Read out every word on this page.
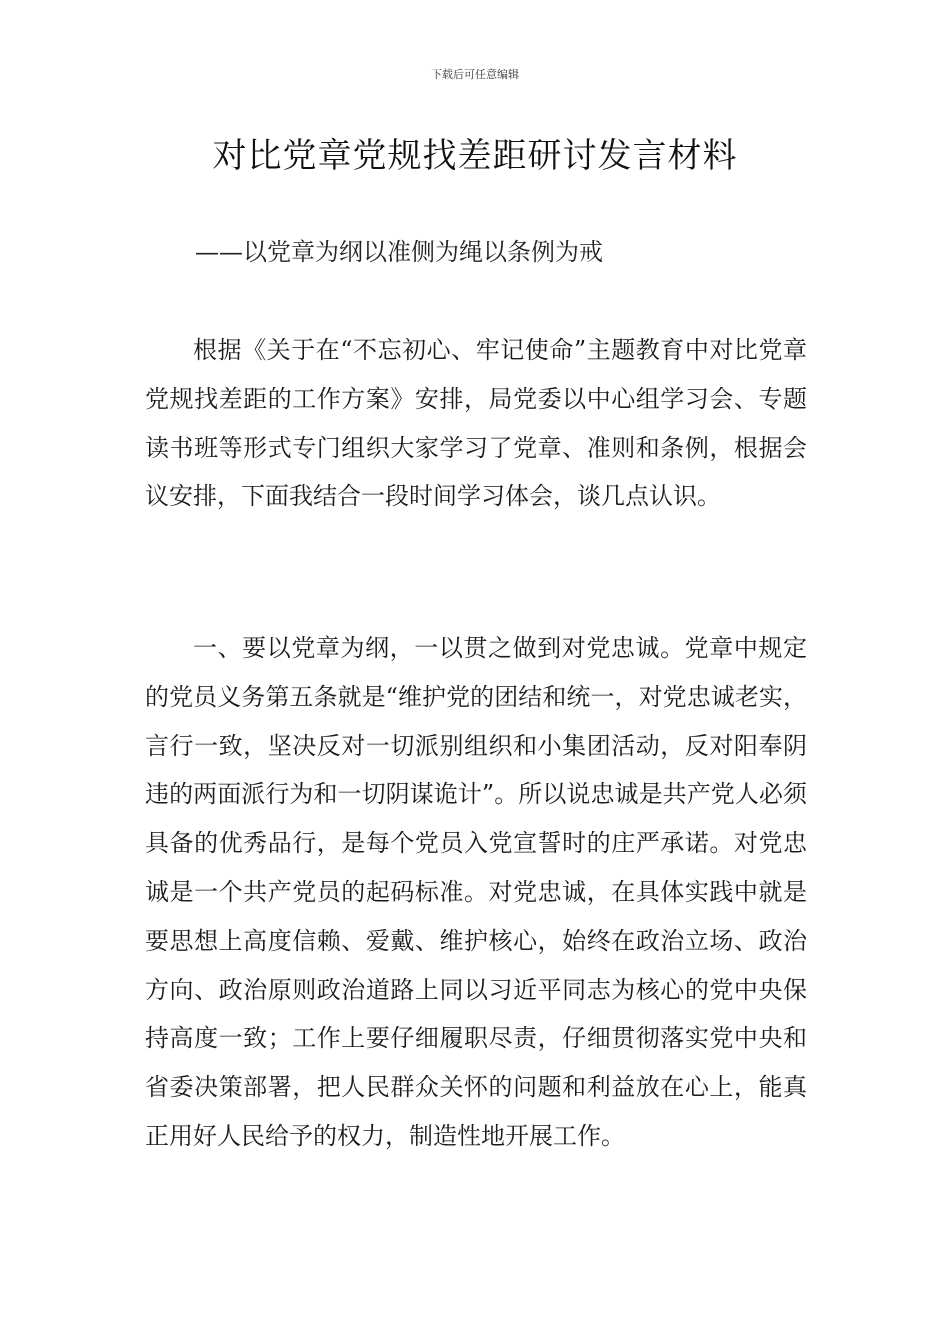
下载后可任意编辑
对比党章党规找差距研讨发言材料
——以党章为纲以准侧为绳以条例为戒

根据《关于在“不忘初心、牢记使命”主题教育中对比党章党规找差距的工作方案》安排，局党委以中心组学习会、专题读书班等形式专门组织大家学习了党章、准则和条例，根据会议安排，下面我结合一段时间学习体会，谈几点认识。

一、要以党章为纲，一以贯之做到对党忠诚。党章中规定的党员义务第五条就是“维护党的团结和统一，对党忠诚老实，言行一致，坚决反对一切派别组织和小集团活动，反对阳奉阴违的两面派行为和一切阴谋诡计”。所以说忠诚是共产党人必须具备的优秀品行，是每个党员入党宣誓时的庄严承诺。对党忠诚是一个共产党员的起码标准。对党忠诚，在具体实践中就是要思想上高度信赖、爱戴、维护核心，始终在政治立场、政治方向、政治原则政治道路上同以习近平同志为核心的党中央保持高度一致；工作上要仔细履职尽责，仔细贯彻落实党中央和省委决策部署，把人民群众关怀的问题和利益放在心上，能真正用好人民给予的权力，制造性地开展工作。
